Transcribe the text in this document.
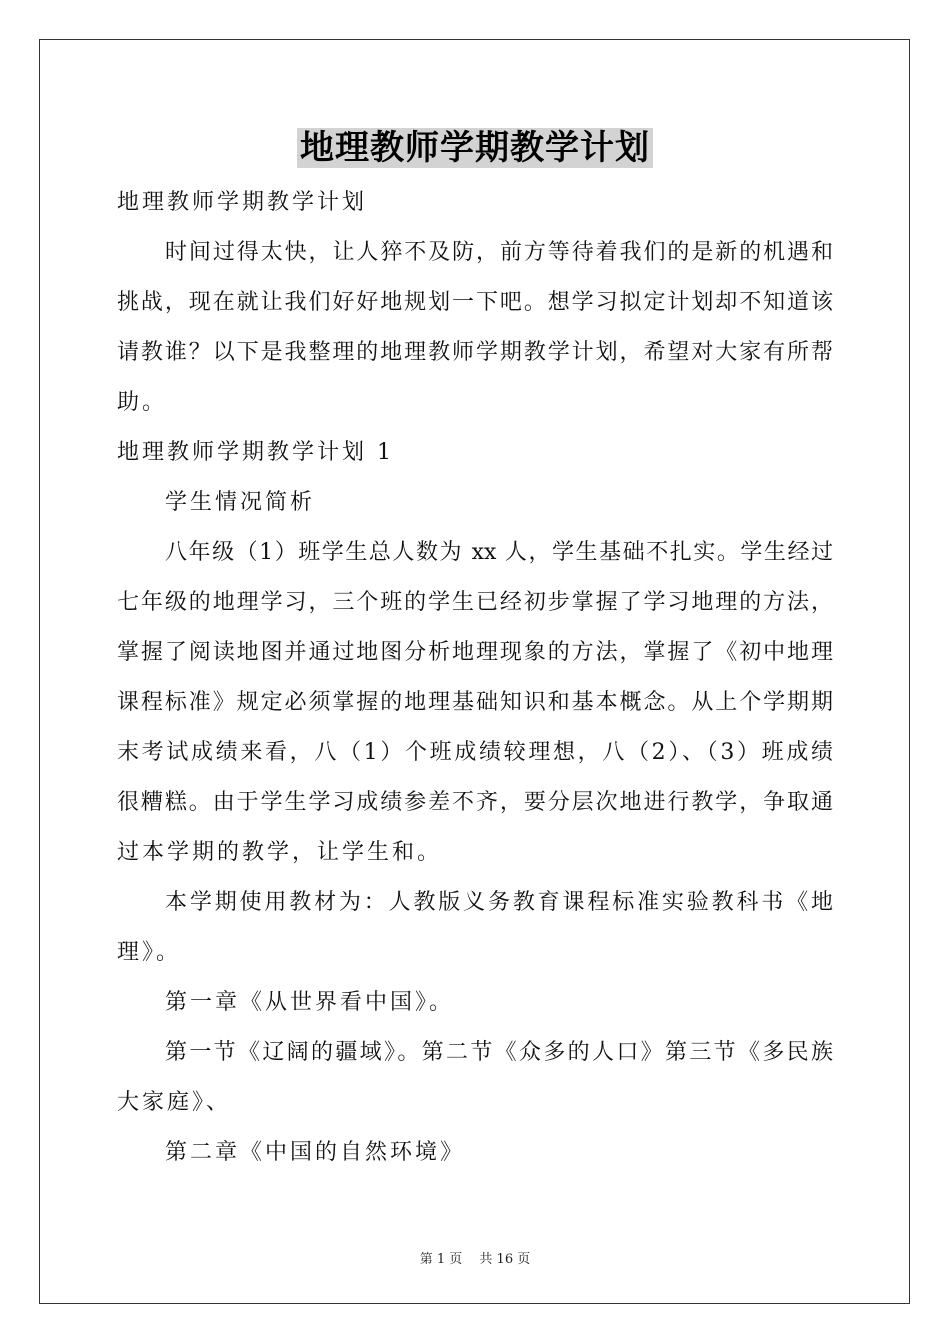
地理教师学期教学计划
地理教师学期教学计划
时间过得太快，让人猝不及防，前方等待着我们的是新的机遇和
挑战，现在就让我们好好地规划一下吧。想学习拟定计划却不知道该
请教谁？以下是我整理的地理教师学期教学计划，希望对大家有所帮
助。
地理教师学期教学计划 1
学生情况简析
八年级（1）班学生总人数为 xx 人，学生基础不扎实。学生经过
七年级的地理学习，三个班的学生已经初步掌握了学习地理的方法，
掌握了阅读地图并通过地图分析地理现象的方法，掌握了《初中地理
课程标准》规定必须掌握的地理基础知识和基本概念。从上个学期期
末考试成绩来看，八（1）个班成绩较理想，八（2）、（3）班成绩
很糟糕。由于学生学习成绩参差不齐，要分层次地进行教学，争取通
过本学期的教学，让学生和。
本学期使用教材为：人教版义务教育课程标准实验教科书《地
理》。
第一章《从世界看中国》。
第一节《辽阔的疆域》。第二节《众多的人口》第三节《多民族
大家庭》、
第二章《中国的自然环境》
第 1 页　 共 16 页
